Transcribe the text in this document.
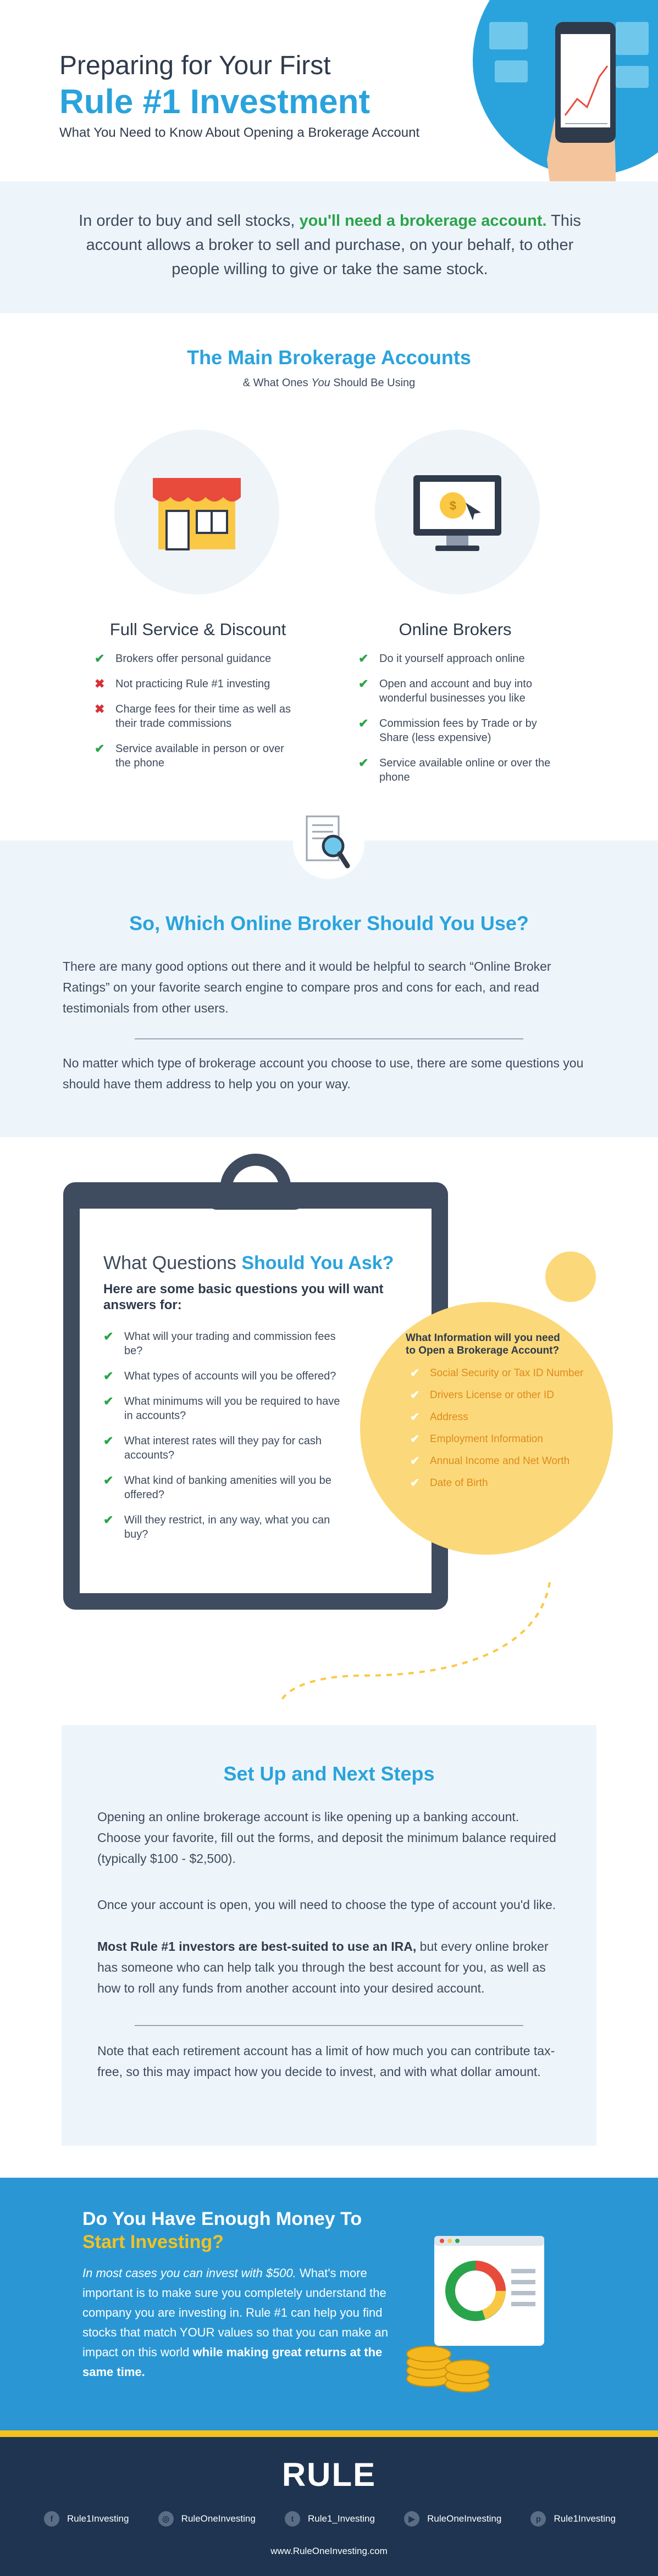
Preparing for Your First
Rule #1 Investment
What You Need to Know About Opening a Brokerage Account
In order to buy and sell stocks, you'll need a brokerage account. This account allows a broker to sell and purchase, on your behalf, to other people willing to give or take the same stock.
The Main Brokerage Accounts
& What Ones You Should Be Using
$
Full Service & Discount
✔ Brokers offer personal guidance
✖ Not practicing Rule #1 investing
✖ Charge fees for their time as well as their trade commissions
✔ Service available in person or over the phone
Online Brokers
✔ Do it yourself approach online
✔ Open and account and buy into wonderful businesses you like
✔ Commission fees by Trade or by Share (less expensive)
✔ Service available online or over the phone
So, Which Online Broker Should You Use?
There are many good options out there and it would be helpful to search “Online Broker Ratings” on your favorite search engine to compare pros and cons for each, and read testimonials from other users.
No matter which type of brokerage account you choose to use, there are some questions you should have them address to help you on your way.
What Questions Should You Ask?
Here are some basic questions you will want answers for:
✔ What will your trading and commission fees be?
✔ What types of accounts will you be offered?
✔ What minimums will you be required to have in accounts?
✔ What interest rates will they pay for cash accounts?
✔ What kind of banking amenities will you be offered?
✔ Will they restrict, in any way, what you can buy?
What Information will you need to Open a Brokerage Account?
✔ Social Security or Tax ID Number
✔ Drivers License or other ID
✔ Address
✔ Employment Information
✔ Annual Income and Net Worth
✔ Date of Birth
Set Up and Next Steps
Opening an online brokerage account is like opening up a banking account. Choose your favorite, fill out the forms, and deposit the minimum balance required (typically $100 - $2,500).
Once your account is open, you will need to choose the type of account you'd like.
Most Rule #1 investors are best-suited to use an IRA, but every online broker has someone who can help talk you through the best account for you, as well as how to roll any funds from another account into your desired account.
Note that each retirement account has a limit of how much you can contribute tax-free, so this may impact how you decide to invest, and with what dollar amount.
Do You Have Enough Money To
Start Investing?
In most cases you can invest with $500. What's more important is to make sure you completely understand the company you are investing in. Rule #1 can help you find stocks that match YOUR values so that you can make an impact on this world while making great returns at the same time.
RULE
f	Rule1Investing	◎	RuleOneInvesting	t	Rule1_Investing	▶	RuleOneInvesting	p	Rule1Investing
www.RuleOneInvesting.com
